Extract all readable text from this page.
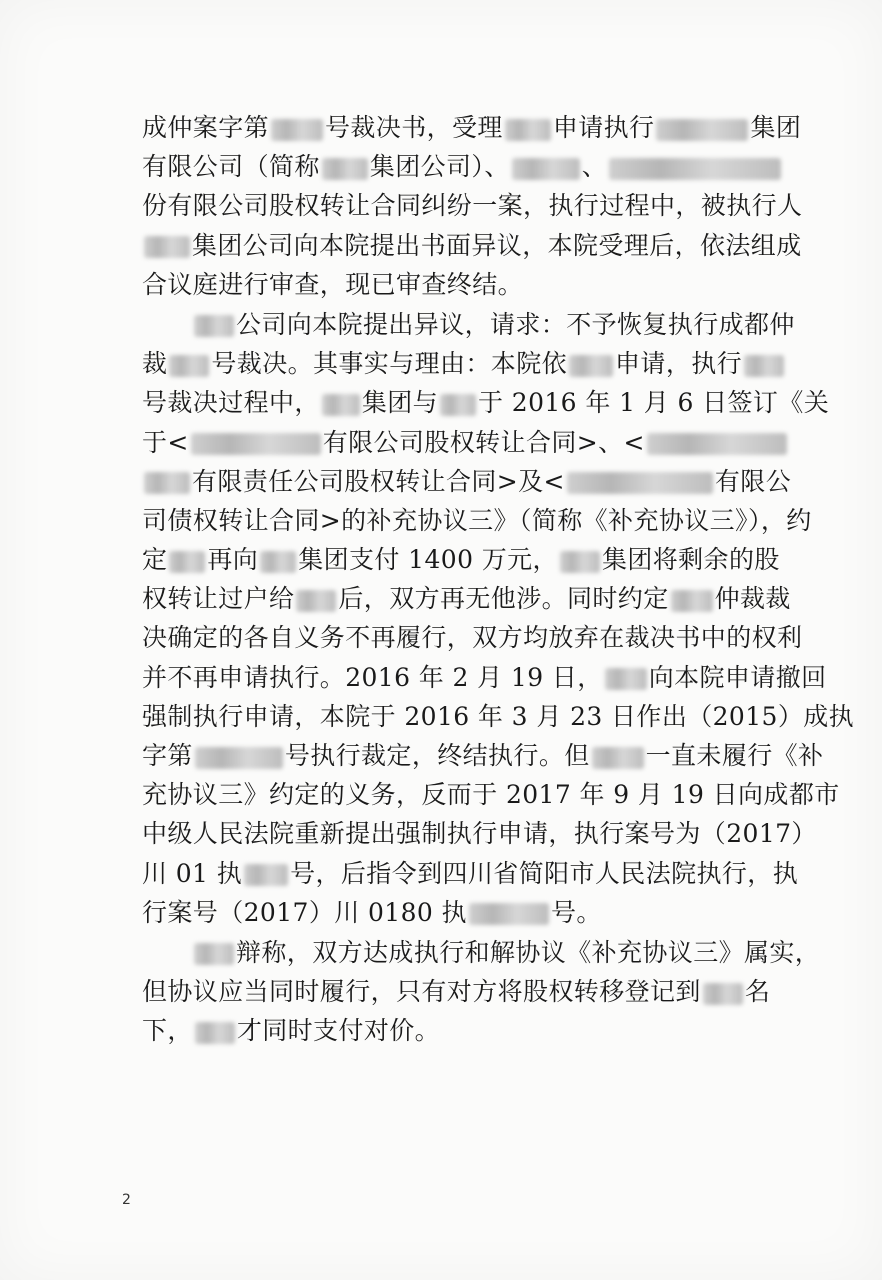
成仲案字第 号裁决书，受理 申请执行	集团
有限公司（简称 集团公司）、	、
份有限公司股权转让合同纠纷一案，执行过程中，被执行人
集团公司向本院提出书面异议，本院受理后，依法组成
合议庭进行审查，现已审查终结。
公司向本院提出异议，请求：不予恢复执行成都仲
裁 号裁决。其事实与理由：本院依 申请，执行
号裁决过程中， 集团与 于 2016 年 1 月 6 日签订《关
于<	有限公司股权转让合同>、<
有限责任公司股权转让合同>及<	有限公
司债权转让合同>的补充协议三》（简称《补充协议三》），约
定 再向 集团支付 1400 万元， 集团将剩余的股
权转让过户给 后，双方再无他涉。同时约定 仲裁裁
决确定的各自义务不再履行，双方均放弃在裁决书中的权利
并不再申请执行。2016 年 2 月 19 日， 向本院申请撤回
强制执行申请，本院于 2016 年 3 月 23 日作出（2015）成执
字第	号执行裁定，终结执行。但 一直未履行《补
充协议三》约定的义务，反而于 2017 年 9 月 19 日向成都市
中级人民法院重新提出强制执行申请，执行案号为（2017）
川 01 执 号，后指令到四川省简阳市人民法院执行，执
行案号（2017）川 0180 执	号。
辩称，双方达成执行和解协议《补充协议三》属实，
但协议应当同时履行，只有对方将股权转移登记到 名
下， 才同时支付对价。
2
